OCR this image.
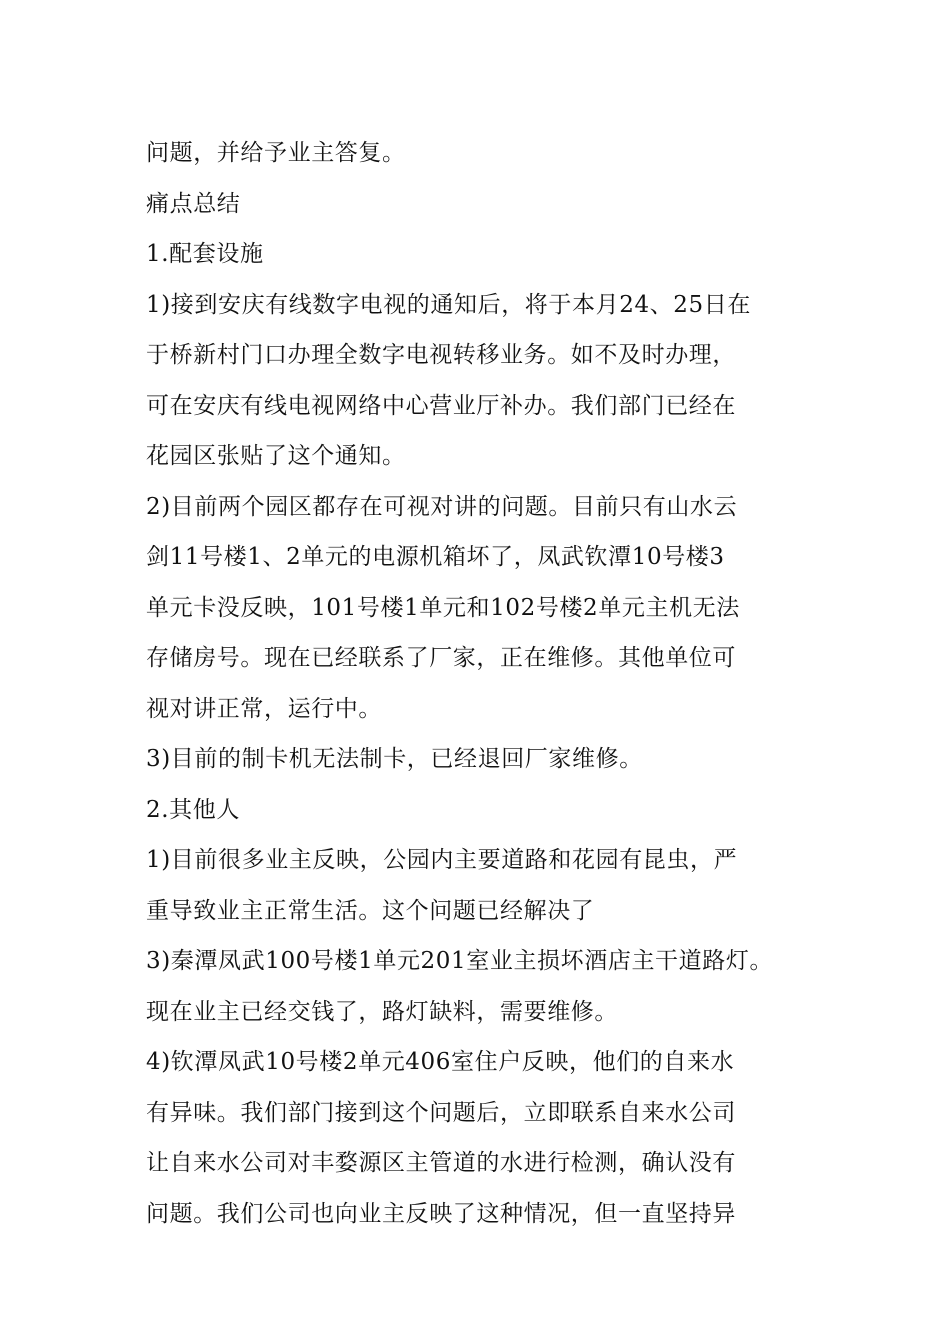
问题，并给予业主答复。
痛点总结
1.配套设施
1)接到安庆有线数字电视的通知后，将于本月24、25日在
于桥新村门口办理全数字电视转移业务。如不及时办理，
可在安庆有线电视网络中心营业厅补办。我们部门已经在
花园区张贴了这个通知。
2)目前两个园区都存在可视对讲的问题。目前只有山水云
剑11号楼1、2单元的电源机箱坏了，凤武钦潭10号楼3
单元卡没反映，101号楼1单元和102号楼2单元主机无法
存储房号。现在已经联系了厂家，正在维修。其他单位可
视对讲正常，运行中。
3)目前的制卡机无法制卡，已经退回厂家维修。
2.其他人
1)目前很多业主反映，公园内主要道路和花园有昆虫，严
重导致业主正常生活。这个问题已经解决了
3)秦潭凤武100号楼1单元201室业主损坏酒店主干道路灯。
现在业主已经交钱了，路灯缺料，需要维修。
4)钦潭凤武10号楼2单元406室住户反映，他们的自来水
有异味。我们部门接到这个问题后，立即联系自来水公司
让自来水公司对丰婺源区主管道的水进行检测，确认没有
问题。我们公司也向业主反映了这种情况，但一直坚持异
